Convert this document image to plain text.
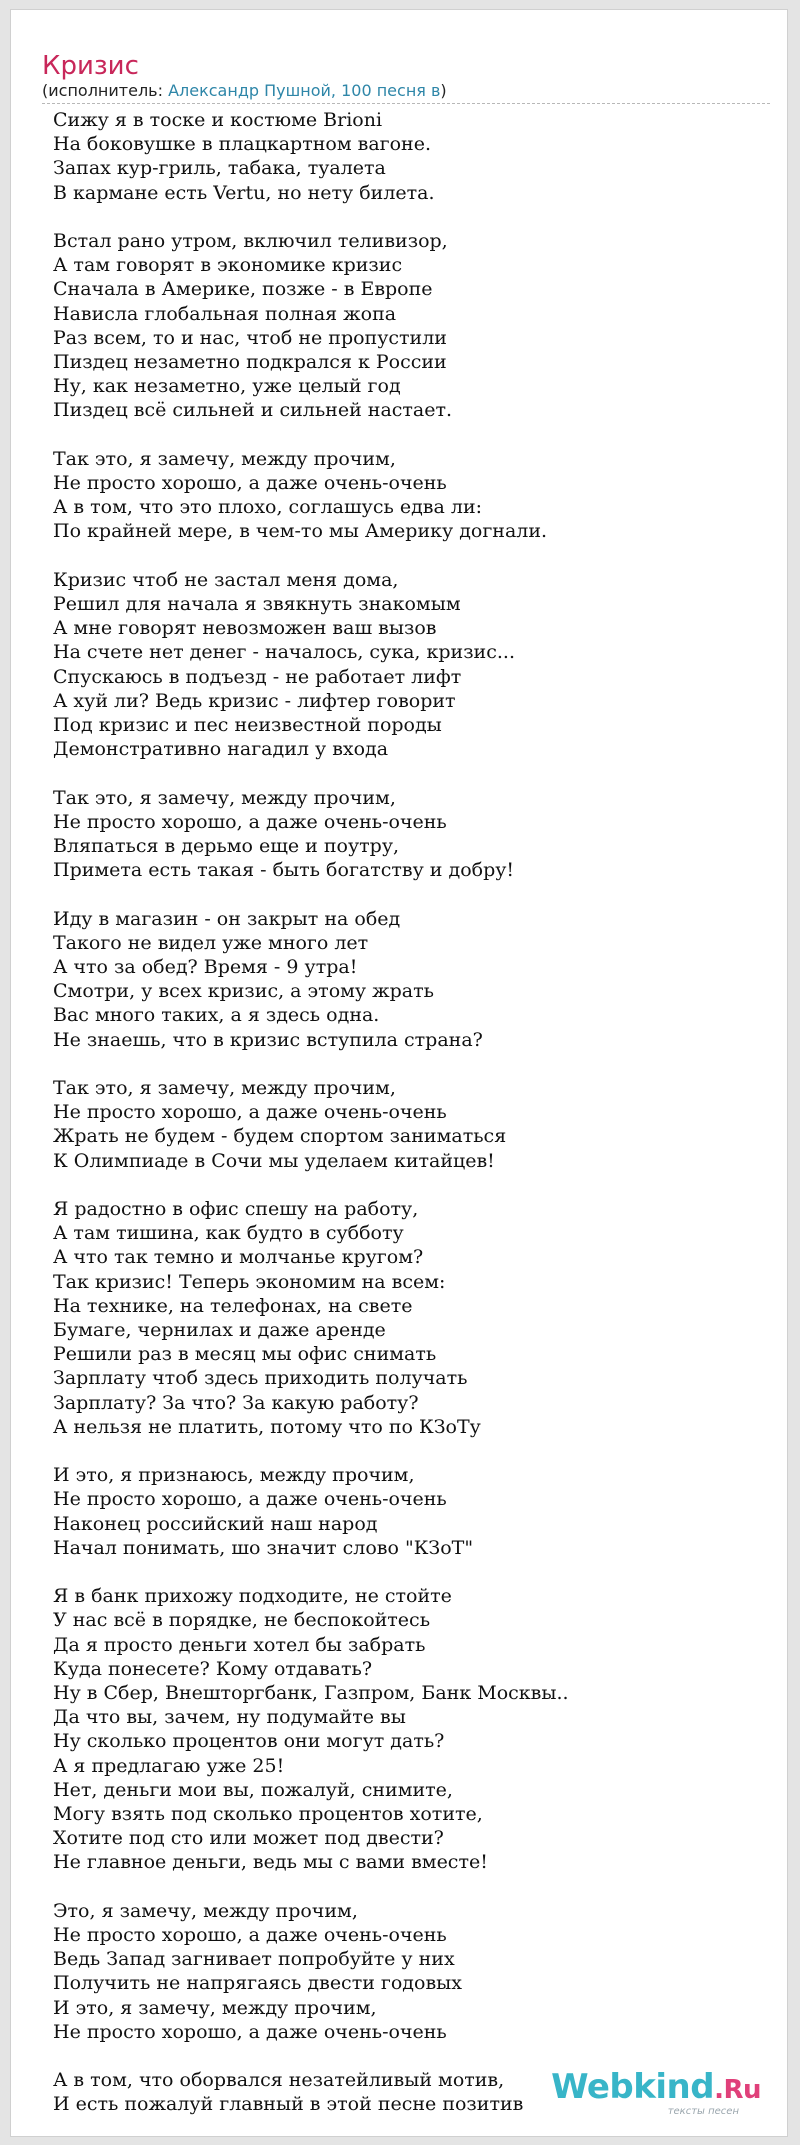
Кризис
(исполнитель: Александр Пушной, 100 песня в)
Сижу я в тоске и костюме Brioni
На боковушке в плацкартном вагоне.
Запах кур-гриль, табака, туалета
В кармане есть Vertu, но нету билета.
Встал рано утром, включил теливизор,
А там говорят в экономике кризис
Сначала в Америке, позже - в Европе
Нависла глобальная полная жопа
Раз всем, то и нас, чтоб не пропустили
Пиздец незаметно подкрался к России
Ну, как незаметно, уже целый год
Пиздец всё сильней и сильней настает.
Так это, я замечу, между прочим,
Не просто хорошо, а даже очень-очень
А в том, что это плохо, соглашусь едва ли:
По крайней мере, в чем-то мы Америку догнали.
Кризис чтоб не застал меня дома,
Решил для начала я звякнуть знакомым
А мне говорят невозможен ваш вызов
На счете нет денег - началось, сука, кризис...
Спускаюсь в подъезд - не работает лифт
А хуй ли? Ведь кризис - лифтер говорит
Под кризис и пес неизвестной породы
Демонстративно нагадил у входа
Так это, я замечу, между прочим,
Не просто хорошо, а даже очень-очень
Вляпаться в дерьмо еще и поутру,
Примета есть такая - быть богатству и добру!
Иду в магазин - он закрыт на обед
Такого не видел уже много лет
А что за обед? Время - 9 утра!
Смотри, у всех кризис, а этому жрать
Вас много таких, а я здесь одна.
Не знаешь, что в кризис вступила страна?
Так это, я замечу, между прочим,
Не просто хорошо, а даже очень-очень
Жрать не будем - будем спортом заниматься
К Олимпиаде в Сочи мы уделаем китайцев!
Я радостно в офис спешу на работу,
А там тишина, как будто в субботу
А что так темно и молчанье кругом?
Так кризис! Теперь экономим на всем:
На технике, на телефонах, на свете
Бумаге, чернилах и даже аренде
Решили раз в месяц мы офис снимать
Зарплату чтоб здесь приходить получать
Зарплату? За что? За какую работу?
А нельзя не платить, потому что по КЗоТу
И это, я признаюсь, между прочим,
Не просто хорошо, а даже очень-очень
Наконец российский наш народ
Начал понимать, шо значит слово "КЗоТ"
Я в банк прихожу подходите, не стойте
У нас всё в порядке, не беспокойтесь
Да я просто деньги хотел бы забрать
Куда понесете? Кому отдавать?
Ну в Сбер, Внешторгбанк, Газпром, Банк Москвы..
Да что вы, зачем, ну подумайте вы
Ну сколько процентов они могут дать?
А я предлагаю уже 25!
Нет, деньги мои вы, пожалуй, снимите,
Могу взять под сколько процентов хотите,
Хотите под сто или может под двести?
Не главное деньги, ведь мы с вами вместе!
Это, я замечу, между прочим,
Не просто хорошо, а даже очень-очень
Ведь Запад загнивает попробуйте у них
Получить не напрягаясь двести годовых
И это, я замечу, между прочим,
Не просто хорошо, а даже очень-очень
А в том, что оборвался незатейливый мотив,
И есть пожалуй главный в этой песне позитив Webkind.Ru
тексты песен
